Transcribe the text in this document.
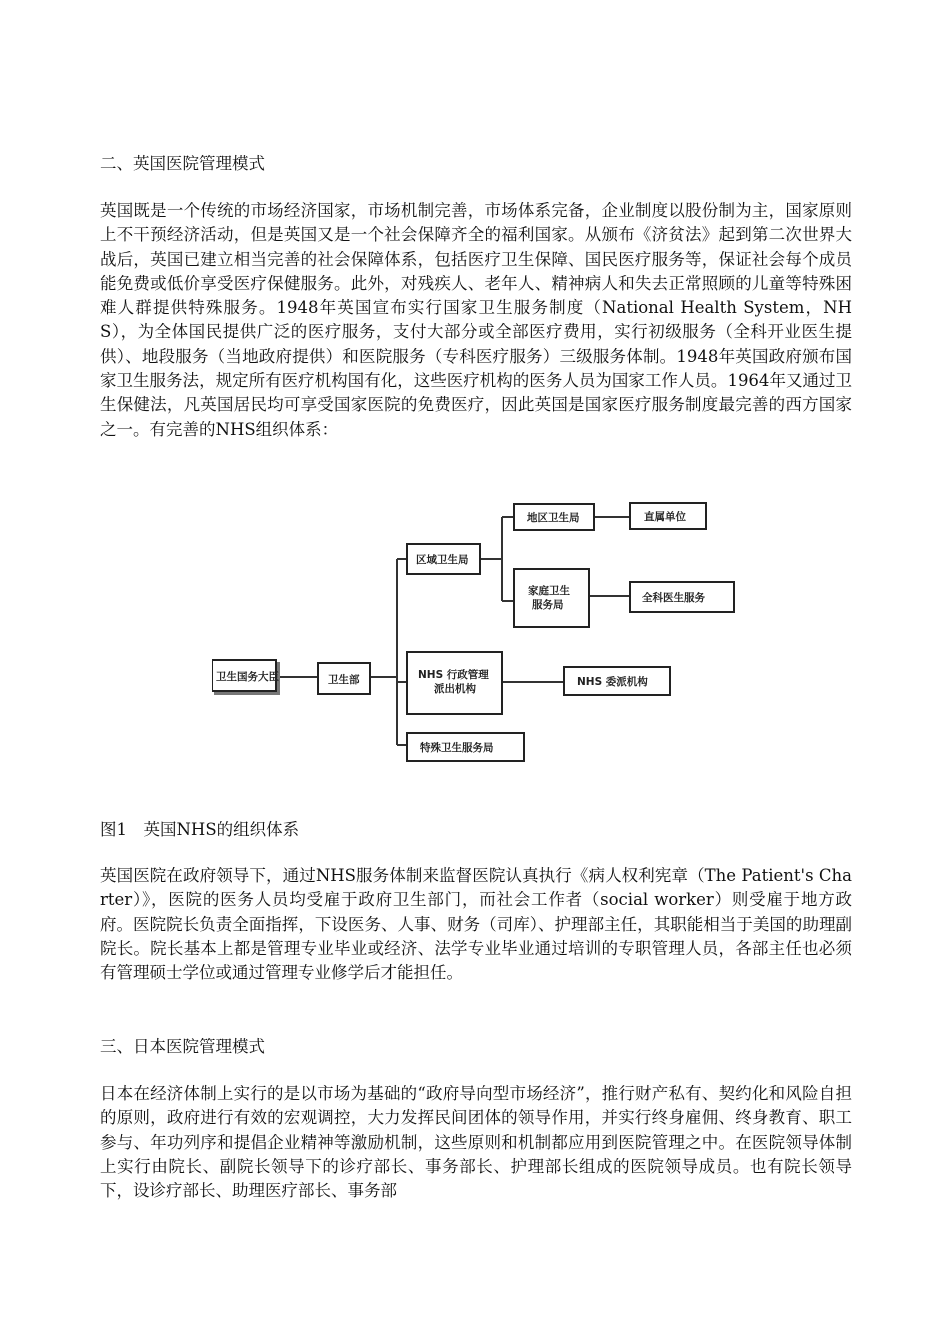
二、英国医院管理模式

英国既是一个传统的市场经济国家，市场机制完善，市场体系完备，企业制度以股份制为主，国家原则上不干预经济活动，但是英国又是一个社会保障齐全的福利国家。从颁布《济贫法》起到第二次世界大战后，英国已建立相当完善的社会保障体系，包括医疗卫生保障、国民医疗服务等，保证社会每个成员能免费或低价享受医疗保健服务。此外，对残疾人、老年人、精神病人和失去正常照顾的儿童等特殊困难人群提供特殊服务。1948年英国宣布实行国家卫生服务制度（National Health System，NHS），为全体国民提供广泛的医疗服务，支付大部分或全部医疗费用，实行初级服务（全科开业医生提供）、地段服务（当地政府提供）和医院服务（专科医疗服务）三级服务体制。1948年英国政府颁布国家卫生服务法，规定所有医疗机构国有化，这些医疗机构的医务人员为国家工作人员。1964年又通过卫生保健法，凡英国居民均可享受国家医院的免费医疗，因此英国是国家医疗服务制度最完善的西方国家之一。有完善的NHS组织体系：

卫生国务大臣	卫生部
区域卫生局
地区卫生局	直属单位
家庭卫生
服务局
全科医生服务
NHS 行政管理
派出机构
NHS 委派机构
特殊卫生服务局

图1　英国NHS的组织体系

英国医院在政府领导下，通过NHS服务体制来监督医院认真执行《病人权利宪章（The Patient's Charter）》，医院的医务人员均受雇于政府卫生部门，而社会工作者（social worker）则受雇于地方政府。医院院长负责全面指挥，下设医务、人事、财务（司库）、护理部主任，其职能相当于美国的助理副院长。院长基本上都是管理专业毕业或经济、法学专业毕业通过培训的专职管理人员，各部主任也必须有管理硕士学位或通过管理专业修学后才能担任。

三、日本医院管理模式

日本在经济体制上实行的是以市场为基础的“政府导向型市场经济”，推行财产私有、契约化和风险自担的原则，政府进行有效的宏观调控，大力发挥民间团体的领导作用，并实行终身雇佣、终身教育、职工参与、年功列序和提倡企业精神等激励机制，这些原则和机制都应用到医院管理之中。在医院领导体制上实行由院长、副院长领导下的诊疗部长、事务部长、护理部长组成的医院领导成员。也有院长领导下，设诊疗部长、助理医疗部长、事务部
